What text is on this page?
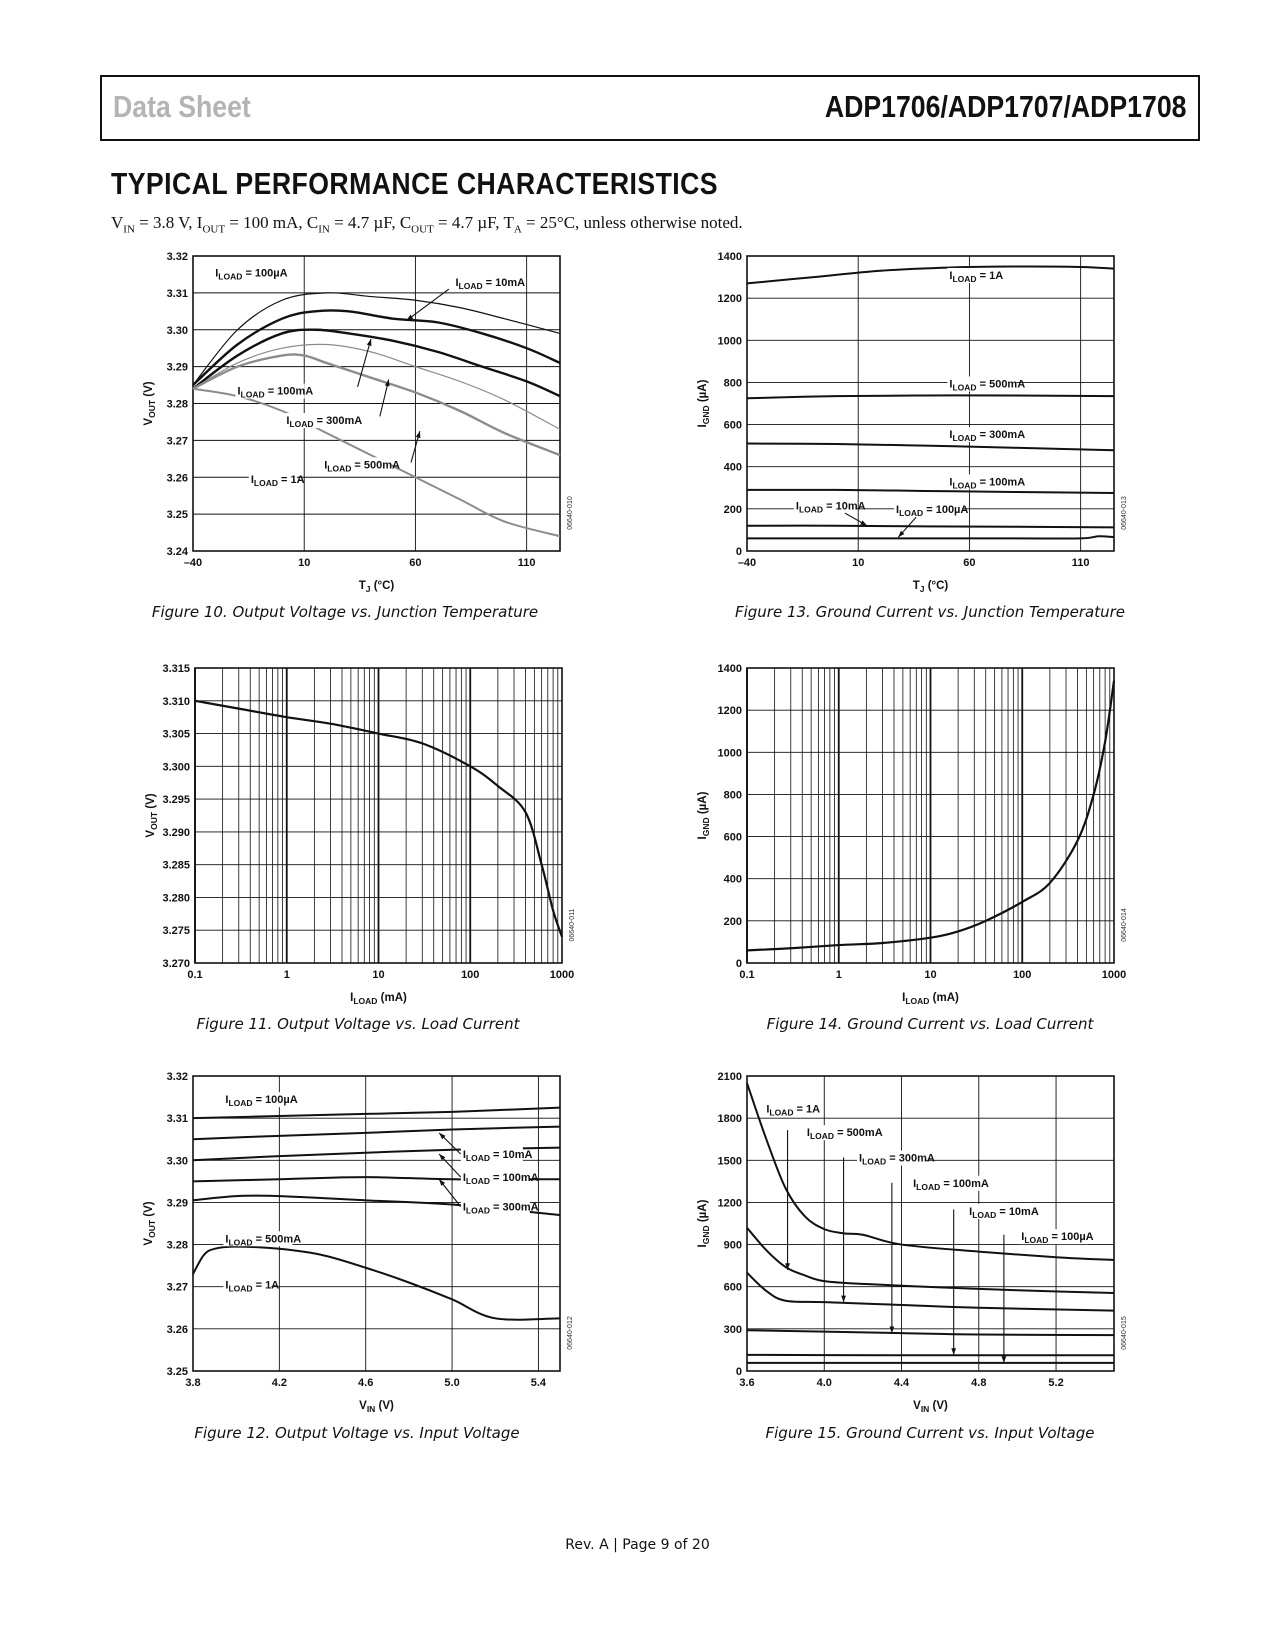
Data Sheet	ADP1706/ADP1707/ADP1708
TYPICAL PERFORMANCE CHARACTERISTICS
$V_{IN} = 3.8$ V, $I_{OUT} = 100$ mA, $C_{IN} = 4.7$ µF, $C_{OUT} = 4.7$ µF, $T_A = 25^\circ C$, unless otherwise noted.
3.24
3.25
3.26
3.27
3.28
3.29
3.30
3.31
3.32
–40	10	60	110
$T_J$ (°C)
$V_{OUT}$ (V)
06640-010
$I_{LOAD} = 100\mu A$
$I_{LOAD} = 10mA$
$I_{LOAD} = 100mA$
$I_{LOAD} = 300mA$
$I_{LOAD} = 500mA$
$I_{LOAD} = 1A$
Figure 10. Output Voltage vs. Junction Temperature
0
200
400
600
800
1000
1200
1400
–40	10	60	110
$T_J$ (°C)
$I_{GND}$ (µA)
06640-013
$I_{LOAD} = 1A$
$I_{LOAD} = 500mA$
$I_{LOAD} = 300mA$
$I_{LOAD} = 100mA$
$I_{LOAD} = 10mA$	$I_{LOAD} = 100\mu A$
Figure 13. Ground Current vs. Junction Temperature
3.270
3.275
3.280
3.285
3.290
3.295
3.300
3.305
3.310
3.315
0.1	1	10	100	1000
$I_{LOAD}$ (mA)
$V_{OUT}$ (V)
06640-011
Figure 11. Output Voltage vs. Load Current
0
200
400
600
800
1000
1200
1400
0.1	1	10	100	1000
$I_{LOAD}$ (mA)
$I_{GND}$ (µA)
06640-014
Figure 14. Ground Current vs. Load Current
3.25
3.26
3.27
3.28
3.29
3.30
3.31
3.32
3.8	4.2	4.6	5.0	5.4
$V_{IN}$ (V)
$V_{OUT}$ (V)
06640-012
$I_{LOAD} = 100\mu A$
$I_{LOAD} = 10mA$
$I_{LOAD} = 100mA$
$I_{LOAD} = 300mA$
$I_{LOAD} = 500mA$
$I_{LOAD} = 1A$
Figure 12. Output Voltage vs. Input Voltage
0
300
600
900
1200
1500
1800
2100
3.6	4.0	4.4	4.8	5.2
$V_{IN}$ (V)
$I_{GND}$ (µA)
06640-015
$I_{LOAD} = 1A$
$I_{LOAD} = 500mA$
$I_{LOAD} = 300mA$
$I_{LOAD} = 100mA$
$I_{LOAD} = 10mA$
$I_{LOAD} = 100\mu A$
Figure 15. Ground Current vs. Input Voltage
Rev. A | Page 9 of 20
